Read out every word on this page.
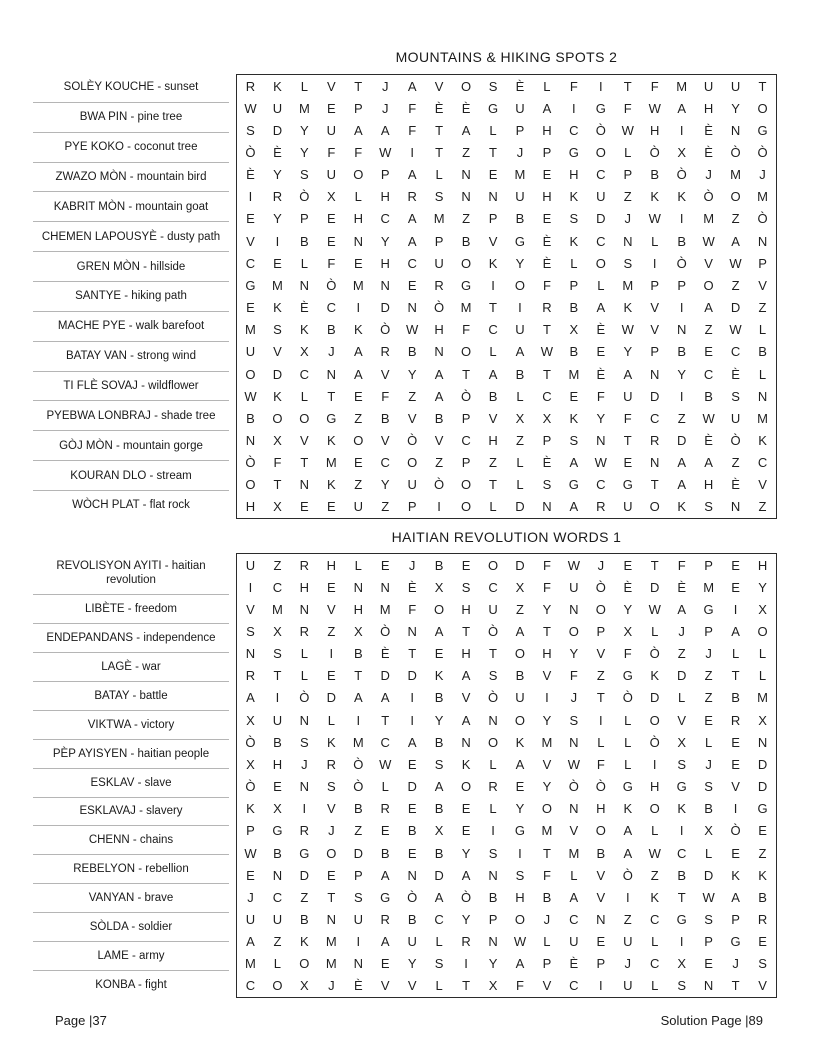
MOUNTAINS & HIKING SPOTS 2
SOLÈY KOUCHE - sunset
BWA PIN - pine tree
PYE KOKO - coconut tree
ZWAZO MÒN - mountain bird
KABRIT MÒN - mountain goat
CHEMEN LAPOUSYÈ - dusty path
GREN MÒN - hillside
SANTYE - hiking path
MACHE PYE - walk barefoot
BATAY VAN - strong wind
TI FLÈ SOVAJ - wildflower
PYEBWA LONBRAJ - shade tree
GÒJ MÒN - mountain gorge
KOURAN DLO - stream
WÒCH PLAT - flat rock
R	K	L	V	T	J	A	V	O	S	È	L	F	I	T	F	M	U	U	T
W	U	M	E	P	J	F	È	È	G	U	A	I	G	F	W	A	H	Y	O
S	D	Y	U	A	A	F	T	A	L	P	H	C	Ò	W	H	I	È	N	G
Ò	È	Y	F	F	W	I	T	Z	T	J	P	G	O	L	Ò	X	È	Ò	Ò
È	Y	S	U	O	P	A	L	N	E	M	E	H	C	P	B	Ò	J	M	J
I	R	Ò	X	L	H	R	S	N	N	U	H	K	U	Z	K	K	Ò	O	M
E	Y	P	E	H	C	A	M	Z	P	B	E	S	D	J	W	I	M	Z	Ò
V	I	B	E	N	Y	A	P	B	V	G	È	K	C	N	L	B	W	A	N
C	E	L	F	E	H	C	U	O	K	Y	È	L	O	S	I	Ò	V	W	P
G	M	N	Ò	M	N	E	R	G	I	O	F	P	L	M	P	P	O	Z	V
E	K	È	C	I	D	N	Ò	M	T	I	R	B	A	K	V	I	A	D	Z
M	S	K	B	K	Ò	W	H	F	C	U	T	X	È	W	V	N	Z	W	L
U	V	X	J	A	R	B	N	O	L	A	W	B	E	Y	P	B	E	C	B
O	D	C	N	A	V	Y	A	T	A	B	T	M	È	A	N	Y	C	È	L
W	K	L	T	E	F	Z	A	Ò	B	L	C	E	F	U	D	I	B	S	N
B	O	O	G	Z	B	V	B	P	V	X	X	K	Y	F	C	Z	W	U	M
N	X	V	K	O	V	Ò	V	C	H	Z	P	S	N	T	R	D	È	Ò	K
Ò	F	T	M	E	C	O	Z	P	Z	L	È	A	W	E	N	A	A	Z	C
O	T	N	K	Z	Y	U	Ò	O	T	L	S	G	C	G	T	A	H	È	V
H	X	E	E	U	Z	P	I	O	L	D	N	A	R	U	O	K	S	N	Z
HAITIAN REVOLUTION WORDS 1
REVOLISYON AYITI - haitian revolution
LIBÈTE - freedom
ENDEPANDANS - independence
LAGÈ - war
BATAY - battle
VIKTWA - victory
PÈP AYISYEN - haitian people
ESKLAV - slave
ESKLAVAJ - slavery
CHENN - chains
REBELYON - rebellion
VANYAN - brave
SÒLDA - soldier
LAME - army
KONBA - fight
U	Z	R	H	L	E	J	B	E	O	D	F	W	J	E	T	F	P	E	H
I	C	H	E	N	N	È	X	S	C	X	F	U	Ò	È	D	È	M	E	Y
V	M	N	V	H	M	F	O	H	U	Z	Y	N	O	Y	W	A	G	I	X
S	X	R	Z	X	Ò	N	A	T	Ò	A	T	O	P	X	L	J	P	A	O
N	S	L	I	B	È	T	E	H	T	O	H	Y	V	F	Ò	Z	J	L	L
R	T	L	E	T	D	D	K	A	S	B	V	F	Z	G	K	D	Z	T	L
A	I	Ò	D	A	A	I	B	V	Ò	U	I	J	T	Ò	D	L	Z	B	M
X	U	N	L	I	T	I	Y	A	N	O	Y	S	I	L	O	V	E	R	X
Ò	B	S	K	M	C	A	B	N	O	K	M	N	L	L	Ò	X	L	E	N
X	H	J	R	Ò	W	E	S	K	L	A	V	W	F	L	I	S	J	E	D
Ò	E	N	S	Ò	L	D	A	O	R	E	Y	Ò	Ò	G	H	G	S	V	D
K	X	I	V	B	R	E	B	E	L	Y	O	N	H	K	O	K	B	I	G
P	G	R	J	Z	E	B	X	E	I	G	M	V	O	A	L	I	X	Ò	E
W	B	G	O	D	B	E	B	Y	S	I	T	M	B	A	W	C	L	E	Z
E	N	D	E	P	A	N	D	A	N	S	F	L	V	Ò	Z	B	D	K	K
J	C	Z	T	S	G	Ò	A	Ò	B	H	B	A	V	I	K	T	W	A	B
U	U	B	N	U	R	B	C	Y	P	O	J	C	N	Z	C	G	S	P	R
A	Z	K	M	I	A	U	L	R	N	W	L	U	E	U	L	I	P	G	E
M	L	O	M	N	E	Y	S	I	Y	A	P	È	P	J	C	X	E	J	S
C	O	X	J	È	V	V	L	T	X	F	V	C	I	U	L	S	N	T	V
Page |37	Solution Page |89
